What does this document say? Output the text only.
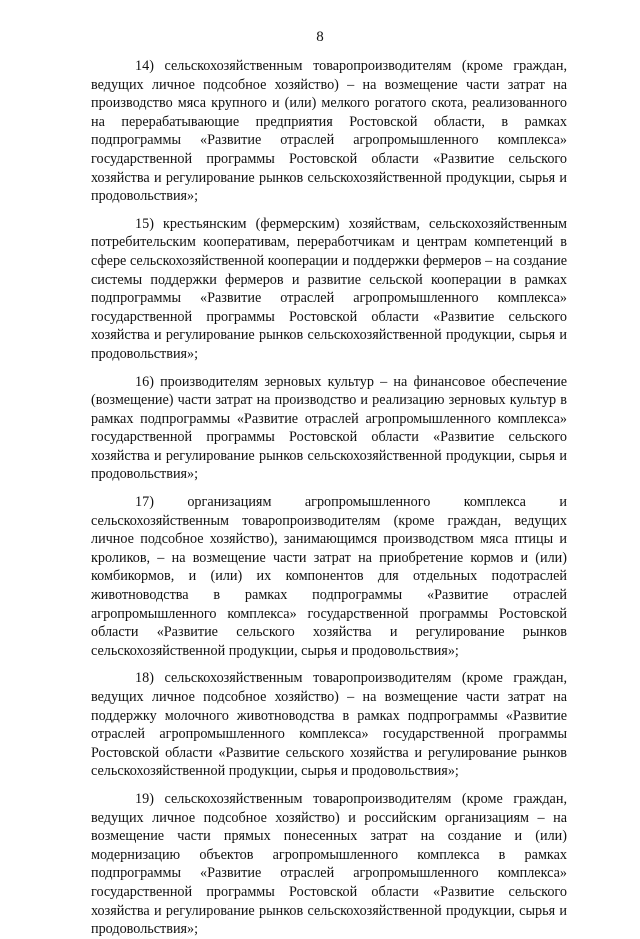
8

14) сельскохозяйственным товаропроизводителям (кроме граждан, ведущих личное подсобное хозяйство) – на возмещение части затрат на производство мяса крупного и (или) мелкого рогатого скота, реализованного на перерабатывающие предприятия Ростовской области, в рамках подпрограммы «Развитие отраслей агропромышленного комплекса» государственной программы Ростовской области «Развитие сельского хозяйства и регулирование рынков сельскохозяйственной продукции, сырья и продовольствия»;

15) крестьянским (фермерским) хозяйствам, сельскохозяйственным потребительским кооперативам, переработчикам и центрам компетенций в сфере сельскохозяйственной кооперации и поддержки фермеров – на создание системы поддержки фермеров и развитие сельской кооперации в рамках подпрограммы «Развитие отраслей агропромышленного комплекса» государственной программы Ростовской области «Развитие сельского хозяйства и регулирование рынков сельскохозяйственной продукции, сырья и продовольствия»;

16) производителям зерновых культур – на финансовое обеспечение (возмещение) части затрат на производство и реализацию зерновых культур в рамках подпрограммы «Развитие отраслей агропромышленного комплекса» государственной программы Ростовской области «Развитие сельского хозяйства и регулирование рынков сельскохозяйственной продукции, сырья и продовольствия»;

17) организациям агропромышленного комплекса и сельскохозяйственным товаропроизводителям (кроме граждан, ведущих личное подсобное хозяйство), занимающимся производством мяса птицы и кроликов, – на возмещение части затрат на приобретение кормов и (или) комбикормов, и (или) их компонентов для отдельных подотраслей животноводства в рамках подпрограммы «Развитие отраслей агропромышленного комплекса» государственной программы Ростовской области «Развитие сельского хозяйства и регулирование рынков сельскохозяйственной продукции, сырья и продовольствия»;

18) сельскохозяйственным товаропроизводителям (кроме граждан, ведущих личное подсобное хозяйство) – на возмещение части затрат на поддержку молочного животноводства в рамках подпрограммы «Развитие отраслей агропромышленного комплекса» государственной программы Ростовской области «Развитие сельского хозяйства и регулирование рынков сельскохозяйственной продукции, сырья и продовольствия»;

19) сельскохозяйственным товаропроизводителям (кроме граждан, ведущих личное подсобное хозяйство) и российским организациям – на возмещение части прямых понесенных затрат на создание и (или) модернизацию объектов агропромышленного комплекса в рамках подпрограммы «Развитие отраслей агропромышленного комплекса» государственной программы Ростовской области «Развитие сельского хозяйства и регулирование рынков сельскохозяйственной продукции, сырья и продовольствия»;
